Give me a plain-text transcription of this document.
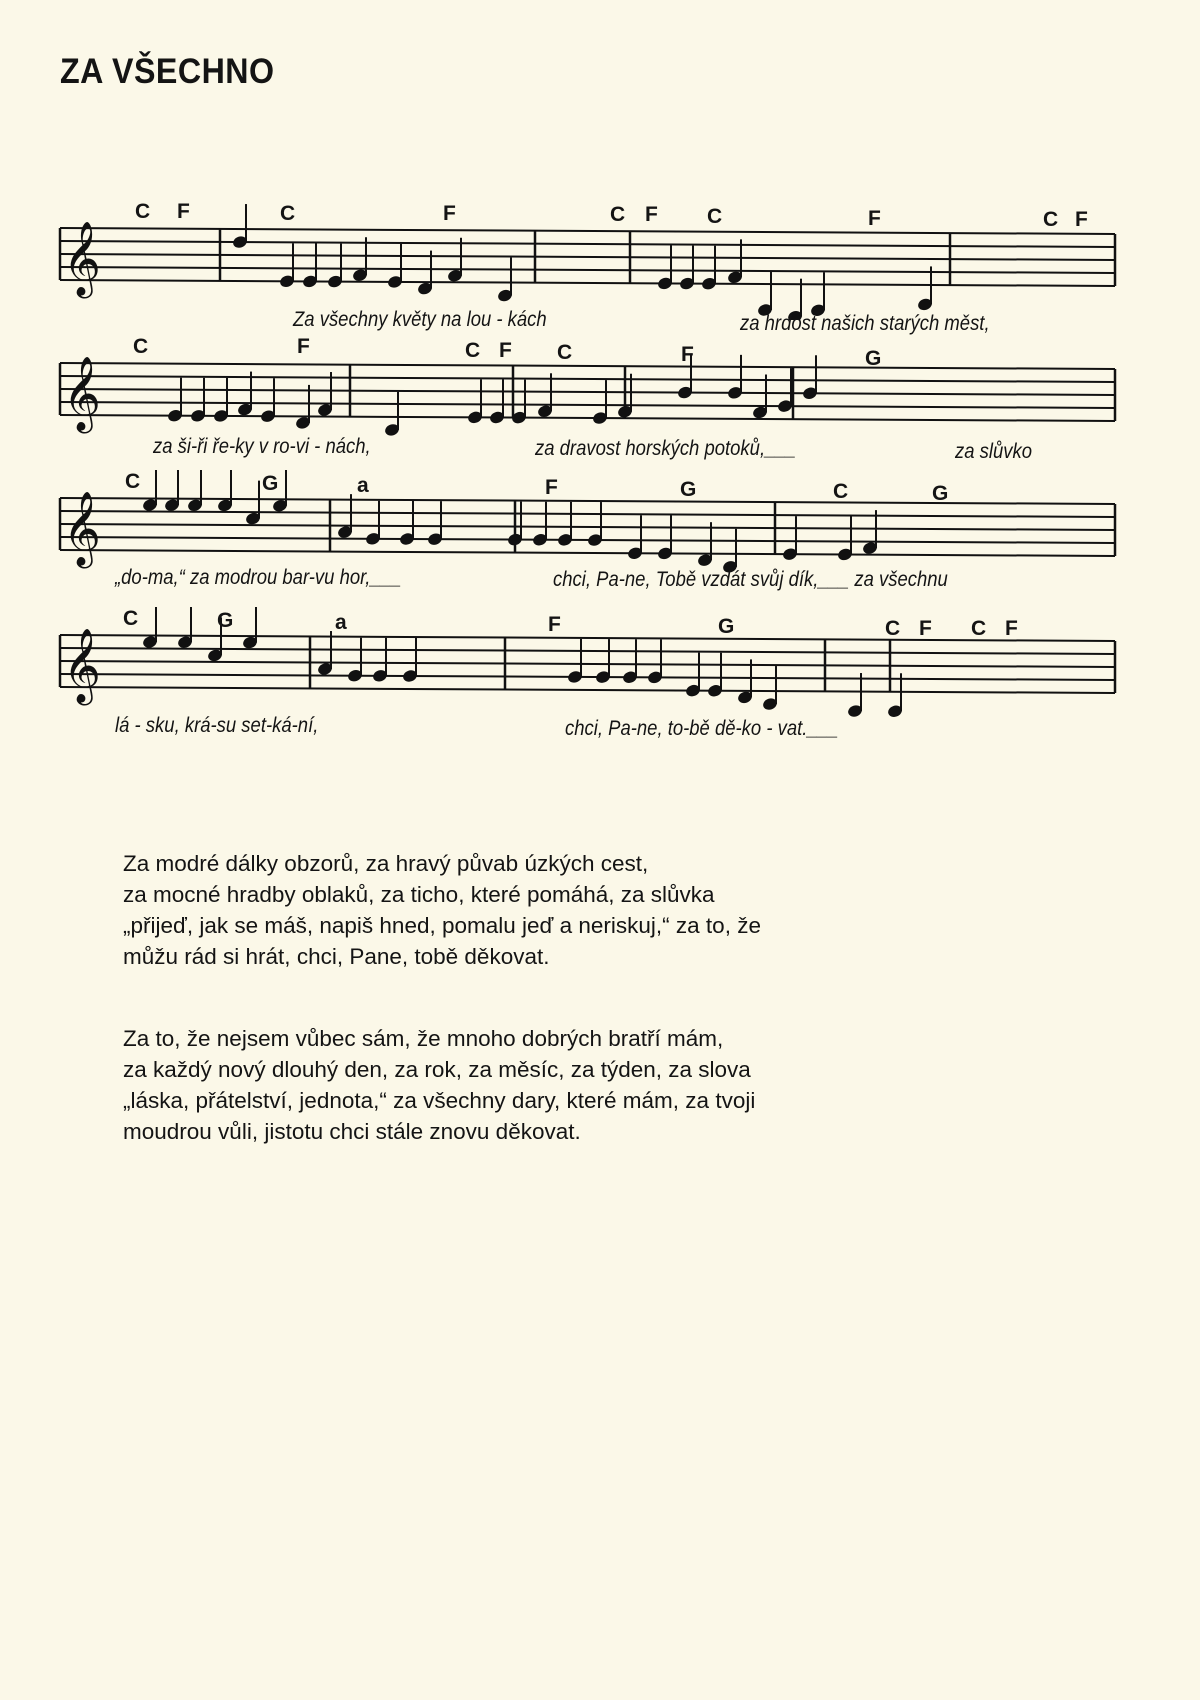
ZA VŠECHNO
𝄞
C F	C	F	C F C	F	C F
Za všechny květy na lou - kách	za hrdost našich starých měst,
𝄞
C	F	C F C	F	G
za ši-ři ře-ky v ro-vi - nách,	za dravost horských potoků,___	za slůvko
𝄞
C	G	a	F	G	C	G
„do-ma,“ za modrou bar-vu hor,___	chci, Pa-ne, Tobě vzdát svůj dík,___ za všechnu
𝄞
C	G	a	F	G	C F C F
lá - sku, krá-su set-ká-ní,	chci, Pa-ne, to-bě dě-ko - vat.___
Za modré dálky obzorů, za hravý půvab úzkých cest,
za mocné hradby oblaků, za ticho, které pomáhá, za slůvka
„přijeď, jak se máš, napiš hned, pomalu jeď a neriskuj,“ za to, že
můžu rád si hrát, chci, Pane, tobě děkovat.
Za to, že nejsem vůbec sám, že mnoho dobrých bratří mám,
za každý nový dlouhý den, za rok, za měsíc, za týden, za slova
„láska, přátelství, jednota,“ za všechny dary, které mám, za tvoji
moudrou vůli, jistotu chci stále znovu děkovat.
